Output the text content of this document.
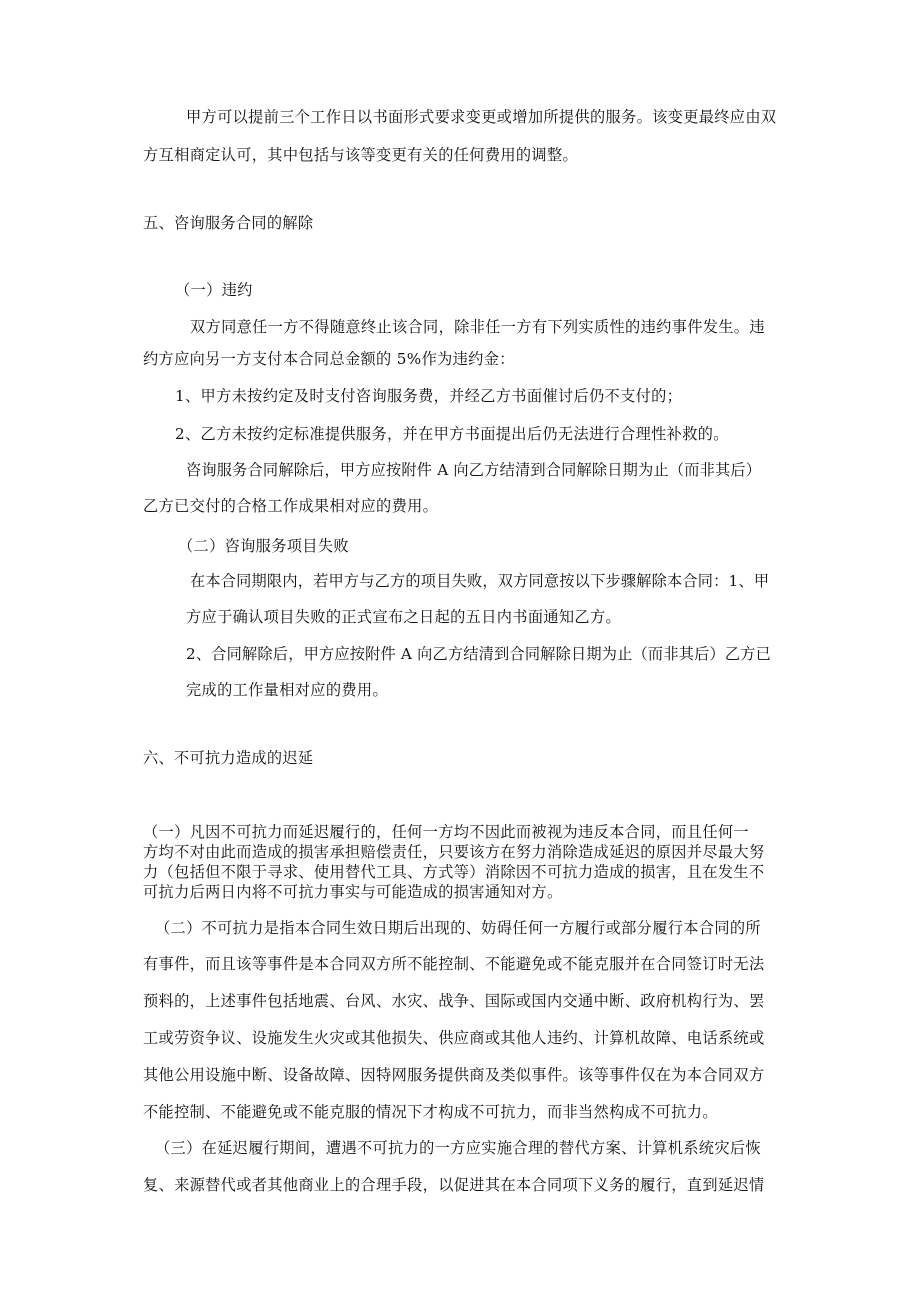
甲方可以提前三个工作日以书面形式要求变更或增加所提供的服务。该变更最终应由双
方互相商定认可，其中包括与该等变更有关的任何费用的调整。
五、咨询服务合同的解除
（一）违约
双方同意任一方不得随意终止该合同，除非任一方有下列实质性的违约事件发生。违
约方应向另一方支付本合同总金额的 5%作为违约金：
1、甲方未按约定及时支付咨询服务费，并经乙方书面催讨后仍不支付的；
2、乙方未按约定标准提供服务，并在甲方书面提出后仍无法进行合理性补救的。
咨询服务合同解除后，甲方应按附件 A 向乙方结清到合同解除日期为止（而非其后）
乙方已交付的合格工作成果相对应的费用。
（二）咨询服务项目失败
在本合同期限内，若甲方与乙方的项目失败，双方同意按以下步骤解除本合同：1、甲
方应于确认项目失败的正式宣布之日起的五日内书面通知乙方。
2、合同解除后，甲方应按附件 A 向乙方结清到合同解除日期为止（而非其后）乙方已
完成的工作量相对应的费用。
六、不可抗力造成的迟延
（一）凡因不可抗力而延迟履行的，任何一方均不因此而被视为违反本合同，而且任何一
方均不对由此而造成的损害承担赔偿责任，只要该方在努力消除造成延迟的原因并尽最大努
力（包括但不限于寻求、使用替代工具、方式等）消除因不可抗力造成的损害，且在发生不
可抗力后两日内将不可抗力事实与可能造成的损害通知对方。
（二）不可抗力是指本合同生效日期后出现的、妨碍任何一方履行或部分履行本合同的所
有事件，而且该等事件是本合同双方所不能控制、不能避免或不能克服并在合同签订时无法
预料的，上述事件包括地震、台风、水灾、战争、国际或国内交通中断、政府机构行为、罢
工或劳资争议、设施发生火灾或其他损失、供应商或其他人违约、计算机故障、电话系统或
其他公用设施中断、设备故障、因特网服务提供商及类似事件。该等事件仅在为本合同双方
不能控制、不能避免或不能克服的情况下才构成不可抗力，而非当然构成不可抗力。
（三）在延迟履行期间，遭遇不可抗力的一方应实施合理的替代方案、计算机系统灾后恢
复、来源替代或者其他商业上的合理手段，以促进其在本合同项下义务的履行，直到延迟情
